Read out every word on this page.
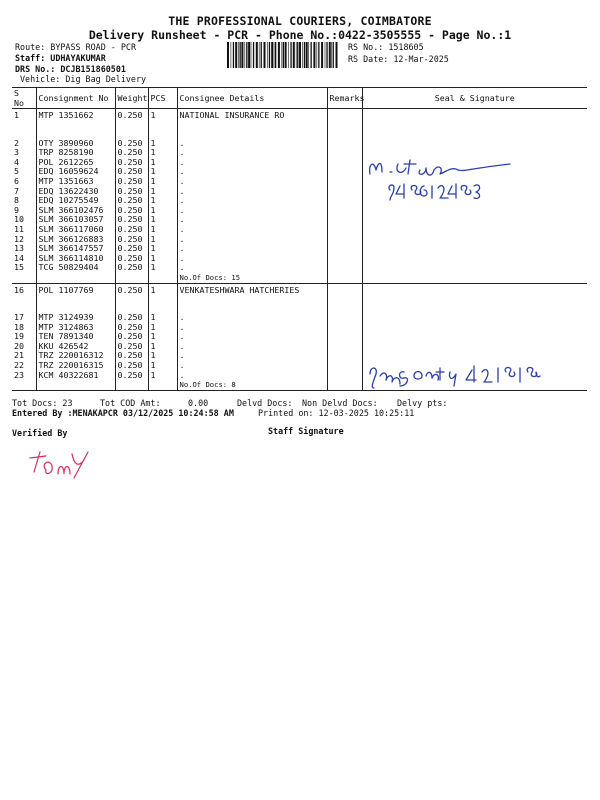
THE PROFESSIONAL COURIERS, COIMBATORE
Delivery Runsheet - PCR - Phone No.:0422-3505555 - Page No.:1
Route: BYPASS ROAD - PCR
Staff: UDHAYAKUMAR
DRS No.: DCJB151860501
Vehicle: Dig Bag Delivery
RS No.: 1518605
RS Date: 12-Mar-2025
S No	Consignment No	Weight	PCS	Consignee Details	Remarks	Seal & Signature
1	MTP 1351662	0.250	1	NATIONAL INSURANCE RO		

2	OTY 3890960	0.250	1	.		
3	TRP 8258190	0.250	1	.		
4	POL 2612265	0.250	1	.		
5	EDQ 16059624	0.250	1	.		
6	MTP 1351663	0.250	1	.		
7	EDQ 13622430	0.250	1	.		
8	EDQ 10275549	0.250	1	.		
9	SLM 366102476	0.250	1	.		
10	SLM 366103057	0.250	1	.		
11	SLM 366117060	0.250	1	.		
12	SLM 366126883	0.250	1	.		
13	SLM 366147557	0.250	1	.		
14	SLM 366114810	0.250	1	.		
15	TCG 50829404	0.250	1	.		
				No.Of Docs: 15		
16	POL 1107769	0.250	1	VENKATESHWARA HATCHERIES		

17	MTP 3124939	0.250	1	.		
18	MTP 3124863	0.250	1	.		
19	TEN 7891340	0.250	1	.		
20	KKU 426542	0.250	1	.		
21	TRZ 220016312	0.250	1	.		
22	TRZ 220016315	0.250	1	.		
23	KCM 40322681	0.250	1	.		
				No.Of Docs: 8		
Tot Docs: 23	Tot COD Amt:	0.00	Delvd Docs: Non Delvd Docs: Delvy pts:
Entered By :MENAKAPCR 03/12/2025 10:24:58 AM	Printed on: 12-03-2025 10:25:11
Verified By	Staff Signature
